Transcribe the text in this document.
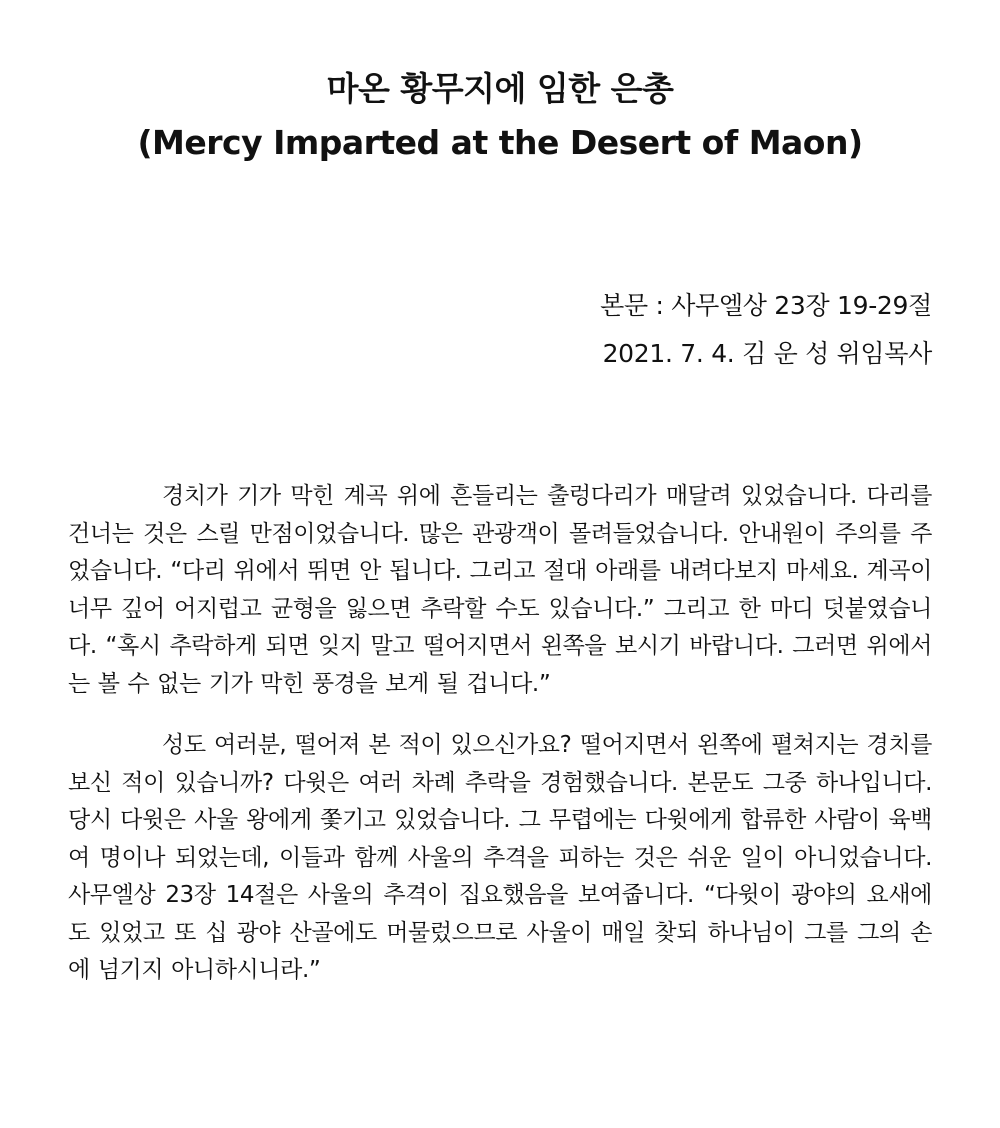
마온 황무지에 임한 은총

(Mercy Imparted at the Desert of Maon)

본문 : 사무엘상 23장 19-29절

2021. 7. 4. 김 운 성 위임목사

경치가 기가 막힌 계곡 위에 흔들리는 출렁다리가 매달려 있었습니다. 다리를 건너는 것은 스릴 만점이었습니다. 많은 관광객이 몰려들었습니다. 안내원이 주의를 주었습니다. “다리 위에서 뛰면 안 됩니다. 그리고 절대 아래를 내려다보지 마세요. 계곡이 너무 깊어 어지럽고 균형을 잃으면 추락할 수도 있습니다.” 그리고 한 마디 덧붙였습니다. “혹시 추락하게 되면 잊지 말고 떨어지면서 왼쪽을 보시기 바랍니다. 그러면 위에서는 볼 수 없는 기가 막힌 풍경을 보게 될 겁니다.”

성도 여러분, 떨어져 본 적이 있으신가요? 떨어지면서 왼쪽에 펼쳐지는 경치를 보신 적이 있습니까? 다윗은 여러 차례 추락을 경험했습니다. 본문도 그중 하나입니다. 당시 다윗은 사울 왕에게 쫓기고 있었습니다. 그 무렵에는 다윗에게 합류한 사람이 육백여 명이나 되었는데, 이들과 함께 사울의 추격을 피하는 것은 쉬운 일이 아니었습니다. 사무엘상 23장 14절은 사울의 추격이 집요했음을 보여줍니다. “다윗이 광야의 요새에도 있었고 또 십 광야 산골에도 머물렀으므로 사울이 매일 찾되 하나님이 그를 그의 손에 넘기지 아니하시니라.”
